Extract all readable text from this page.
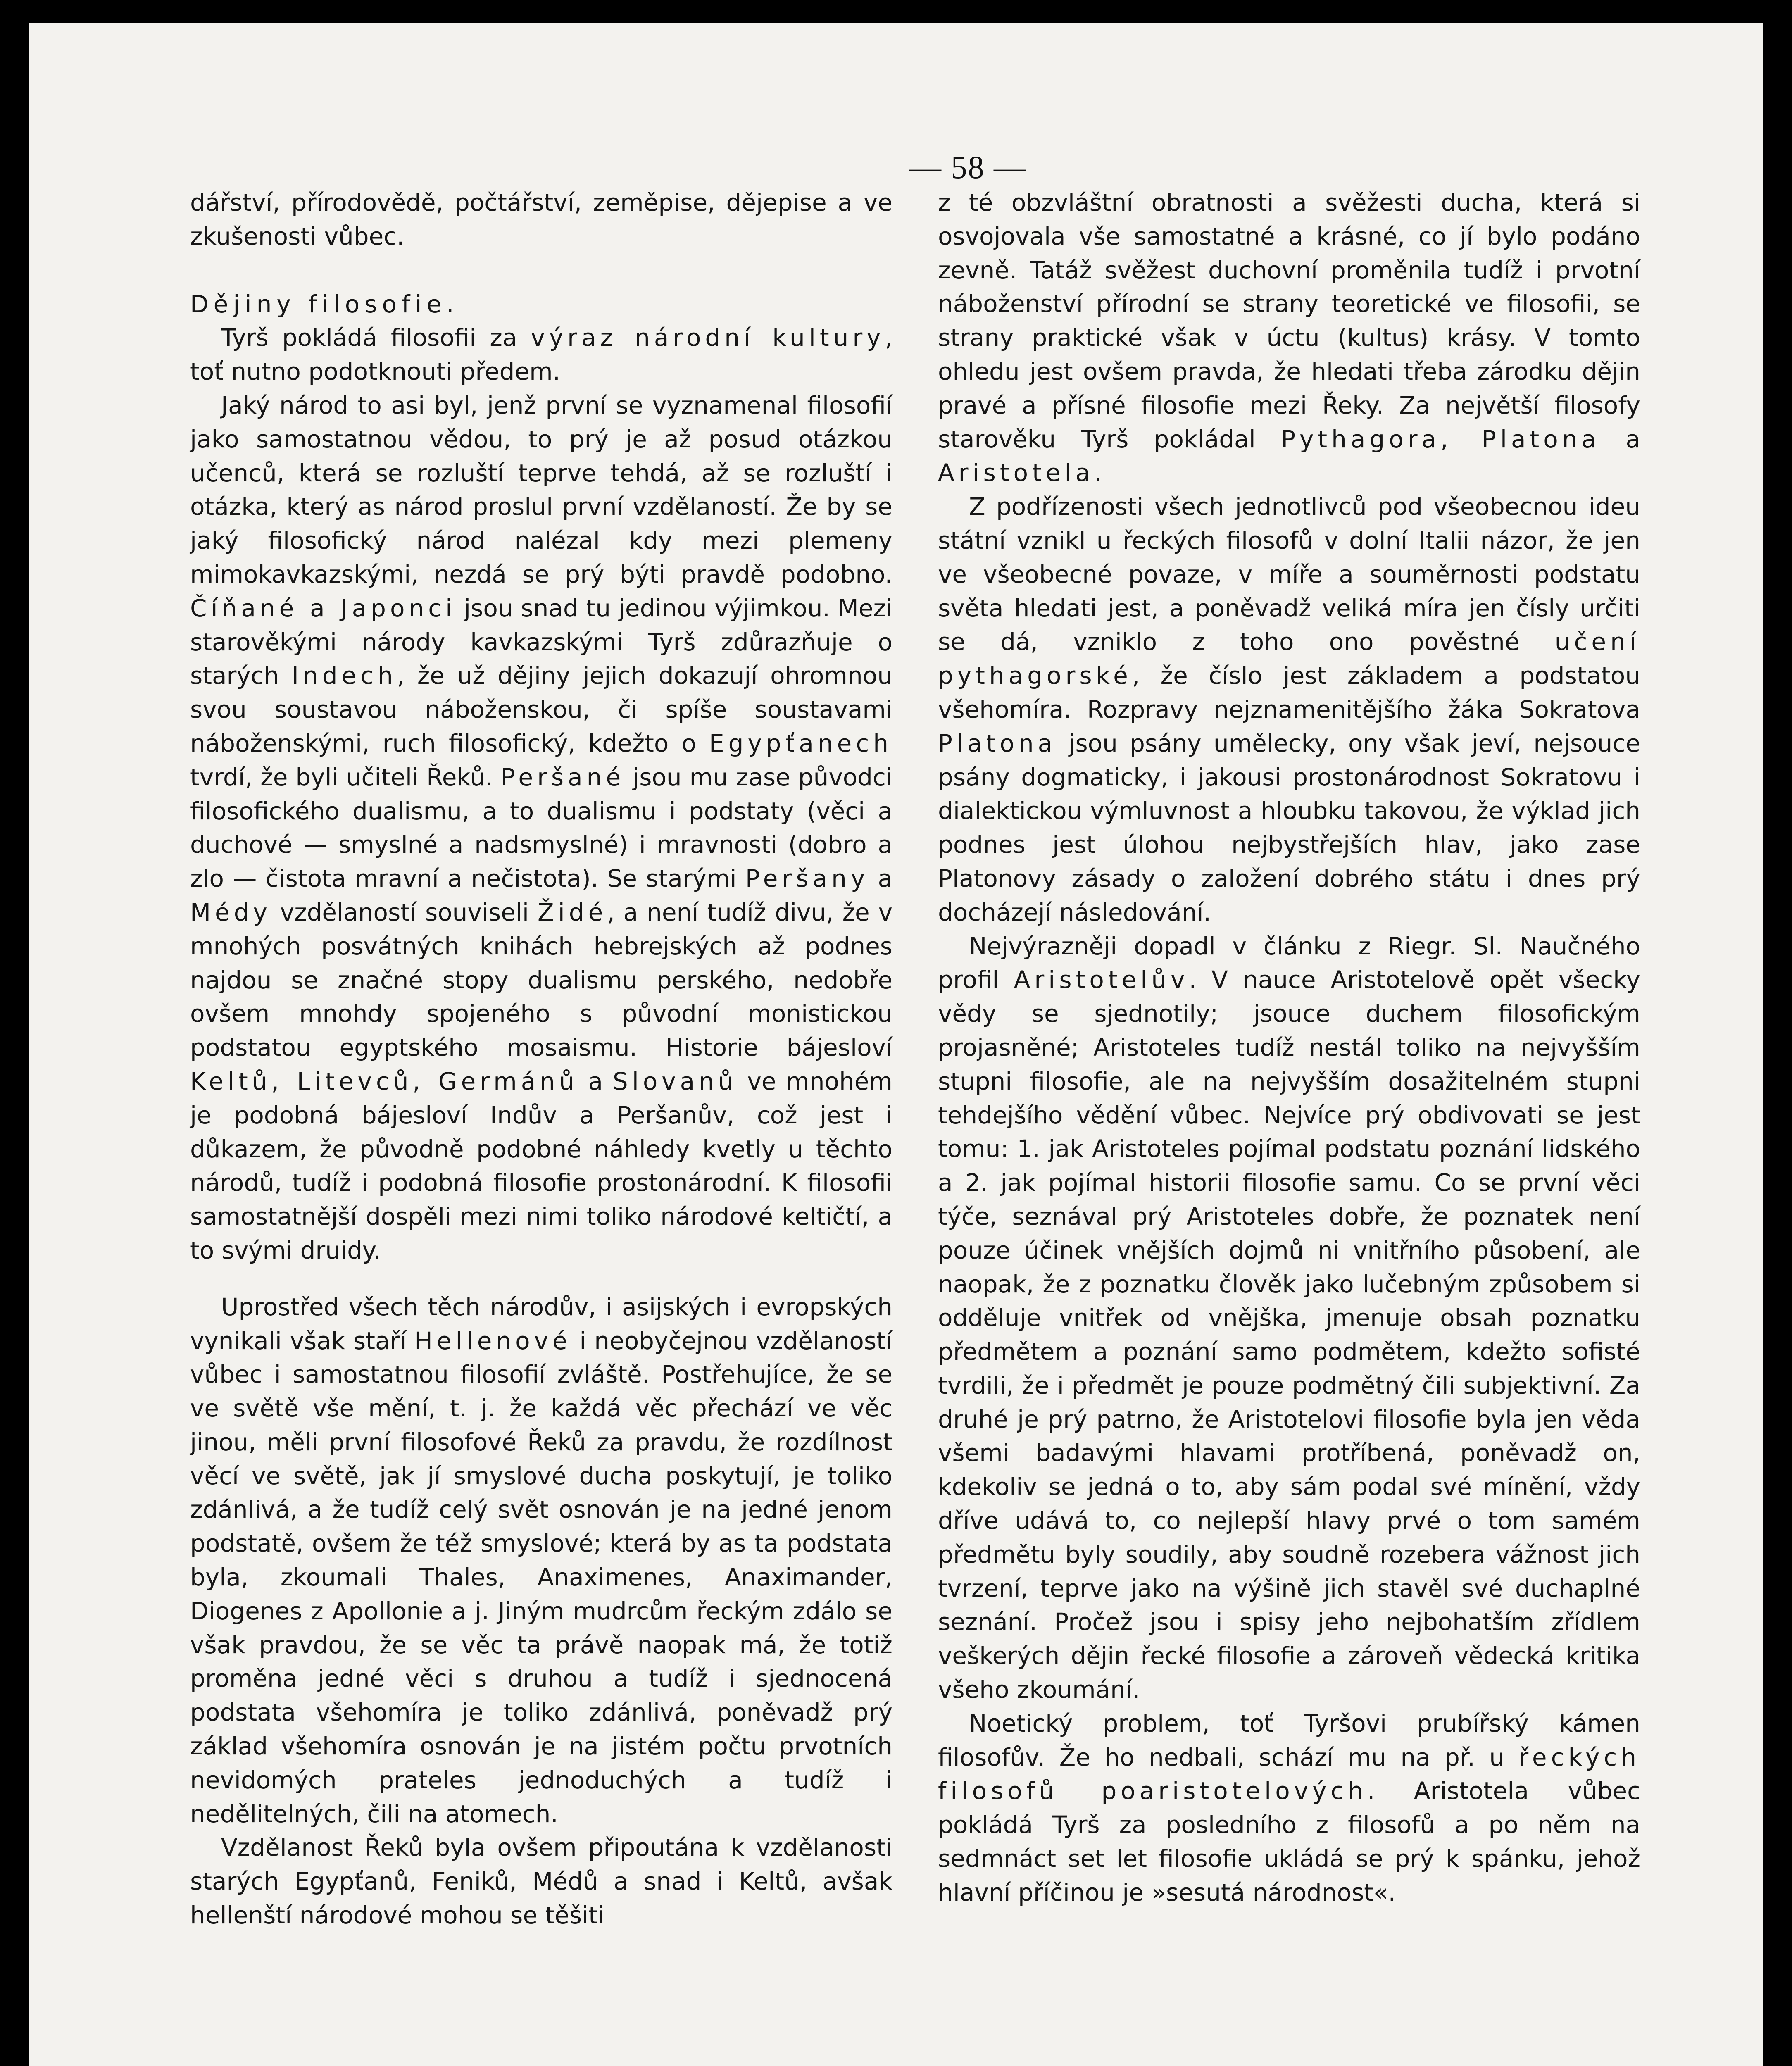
— 58 —

dářství, přírodovědě, počtářství, zeměpise, dějepise a ve zkušenosti vůbec.

Dějiny filosofie.

Tyrš pokládá filosofii za výraz národní kultury, toť nutno podotknouti předem.

Jaký národ to asi byl, jenž první se vyznamenal filosofií jako samostatnou vědou, to prý je až posud otázkou učenců, která se rozluští teprve tehdá, až se rozluští i otázka, který as národ proslul první vzdělaností. Že by se jaký filosofický národ nalézal kdy mezi plemeny mimokavkazskými, nezdá se prý býti pravdě podobno. Číňané a Japonci jsou snad tu jedinou výjimkou. Mezi starověkými národy kavkazskými Tyrš zdůrazňuje o starých Indech, že už dějiny jejich dokazují ohromnou svou soustavou náboženskou, či spíše soustavami náboženskými, ruch filosofický, kdežto o Egypťanech tvrdí, že byli učiteli Řeků. Peršané jsou mu zase původci filosofického dualismu, a to dualismu i podstaty (věci a duchové — smyslné a nadsmyslné) i mravnosti (dobro a zlo — čistota mravní a nečistota). Se starými Peršany a Médy vzdělaností souviseli Židé, a není tudíž divu, že v mnohých posvátných knihách hebrejských až podnes najdou se značné stopy dualismu perského, nedobře ovšem mnohdy spojeného s původní monistickou podstatou egyptského mosaismu. Historie bájesloví Keltů, Litevců, Germánů a Slovanů ve mnohém je podobná bájesloví Indův a Peršanův, což jest i důkazem, že původně podobné náhledy kvetly u těchto národů, tudíž i podobná filosofie prostonárodní. K filosofii samostatnější dospěli mezi nimi toliko národové keltičtí, a to svými druidy.

Uprostřed všech těch národův, i asijských i evropských vynikali však staří Hellenové i neobyčejnou vzdělaností vůbec i samostatnou filosofií zvláště. Postřehujíce, že se ve světě vše mění, t. j. že každá věc přechází ve věc jinou, měli první filosofové Řeků za pravdu, že rozdílnost věcí ve světě, jak jí smyslové ducha poskytují, je toliko zdánlivá, a že tudíž celý svět osnován je na jedné jenom podstatě, ovšem že též smyslové; která by as ta podstata byla, zkoumali Thales, Anaximenes, Anaximander, Diogenes z Apollonie a j. Jiným mudrcům řeckým zdálo se však pravdou, že se věc ta právě naopak má, že totiž proměna jedné věci s druhou a tudíž i sjednocená podstata všehomíra je toliko zdánlivá, poněvadž prý základ všehomíra osnován je na jistém počtu prvotních nevidomých prateles jednoduchých a tudíž i nedělitelných, čili na atomech.

Vzdělanost Řeků byla ovšem připoutána k vzdělanosti starých Egypťanů, Feniků, Médů a snad i Keltů, avšak hellenští národové mohou se těšiti

z té obzvláštní obratnosti a svěžesti ducha, která si osvojovala vše samostatné a krásné, co jí bylo podáno zevně. Tatáž svěžest duchovní proměnila tudíž i prvotní náboženství přírodní se strany teoretické ve filosofii, se strany praktické však v úctu (kultus) krásy. V tomto ohledu jest ovšem pravda, že hledati třeba zárodku dějin pravé a přísné filosofie mezi Řeky. Za největší filosofy starověku Tyrš pokládal Pythagora, Platona a Aristotela.

Z podřízenosti všech jednotlivců pod všeobecnou ideu státní vznikl u řeckých filosofů v dolní Italii názor, že jen ve všeobecné povaze, v míře a souměrnosti podstatu světa hledati jest, a poněvadž veliká míra jen čísly určiti se dá, vzniklo z toho ono pověstné učení pythagorské, že číslo jest základem a podstatou všehomíra. Rozpravy nejznamenitějšího žáka Sokratova Platona jsou psány umělecky, ony však jeví, nejsouce psány dogmaticky, i jakousi prostonárodnost Sokratovu i dialektickou výmluvnost a hloubku takovou, že výklad jich podnes jest úlohou nejbystřejších hlav, jako zase Platonovy zásady o založení dobrého státu i dnes prý docházejí následování.

Nejvýrazněji dopadl v článku z Riegr. Sl. Naučného profil Aristotelův. V nauce Aristotelově opět všecky vědy se sjednotily; jsouce duchem filosofickým projasněné; Aristoteles tudíž nestál toliko na nejvyšším stupni filosofie, ale na nejvyšším dosažitelném stupni tehdejšího vědění vůbec. Nejvíce prý obdivovati se jest tomu: 1. jak Aristoteles pojímal podstatu poznání lidského a 2. jak pojímal historii filosofie samu. Co se první věci týče, seznával prý Aristoteles dobře, že poznatek není pouze účinek vnějších dojmů ni vnitřního působení, ale naopak, že z poznatku člověk jako lučebným způsobem si odděluje vnitřek od vnějška, jmenuje obsah poznatku předmětem a poznání samo podmětem, kdežto sofisté tvrdili, že i předmět je pouze podmětný čili subjektivní. Za druhé je prý patrno, že Aristotelovi filosofie byla jen věda všemi badavými hlavami protříbená, poněvadž on, kdekoliv se jedná o to, aby sám podal své mínění, vždy dříve udává to, co nejlepší hlavy prvé o tom samém předmětu byly soudily, aby soudně rozebera vážnost jich tvrzení, teprve jako na výšině jich stavěl své duchaplné seznání. Pročež jsou i spisy jeho nejbohatším zřídlem veškerých dějin řecké filosofie a zároveň vědecká kritika všeho zkoumání.

Noetický problem, toť Tyršovi prubířský kámen filosofův. Že ho nedbali, schází mu na př. u řeckých filosofů poaristotelových. Aristotela vůbec pokládá Tyrš za posledního z filosofů a po něm na sedmnáct set let filosofie ukládá se prý k spánku, jehož hlavní příčinou je »sesutá národnost«.
